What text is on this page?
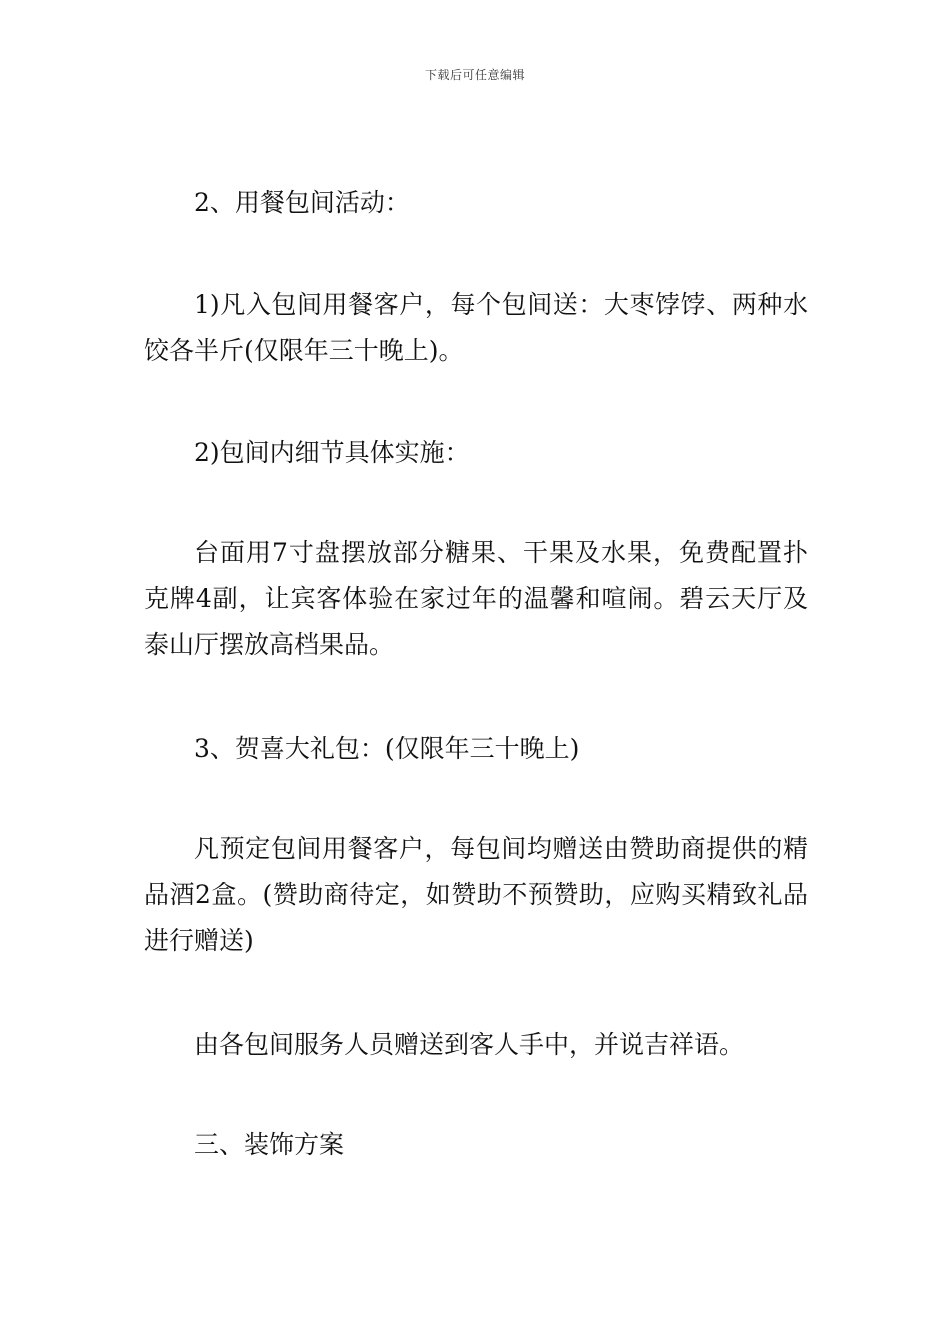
下载后可任意编辑

2、用餐包间活动：

1)凡入包间用餐客户，每个包间送：大枣饽饽、两种水饺各半斤(仅限年三十晚上)。

2)包间内细节具体实施：

台面用7寸盘摆放部分糖果、干果及水果，免费配置扑克牌4副，让宾客体验在家过年的温馨和喧闹。碧云天厅及泰山厅摆放高档果品。

3、贺喜大礼包：(仅限年三十晚上)

凡预定包间用餐客户，每包间均赠送由赞助商提供的精品酒2盒。(赞助商待定，如赞助不预赞助，应购买精致礼品进行赠送)

由各包间服务人员赠送到客人手中，并说吉祥语。

三、装饰方案
